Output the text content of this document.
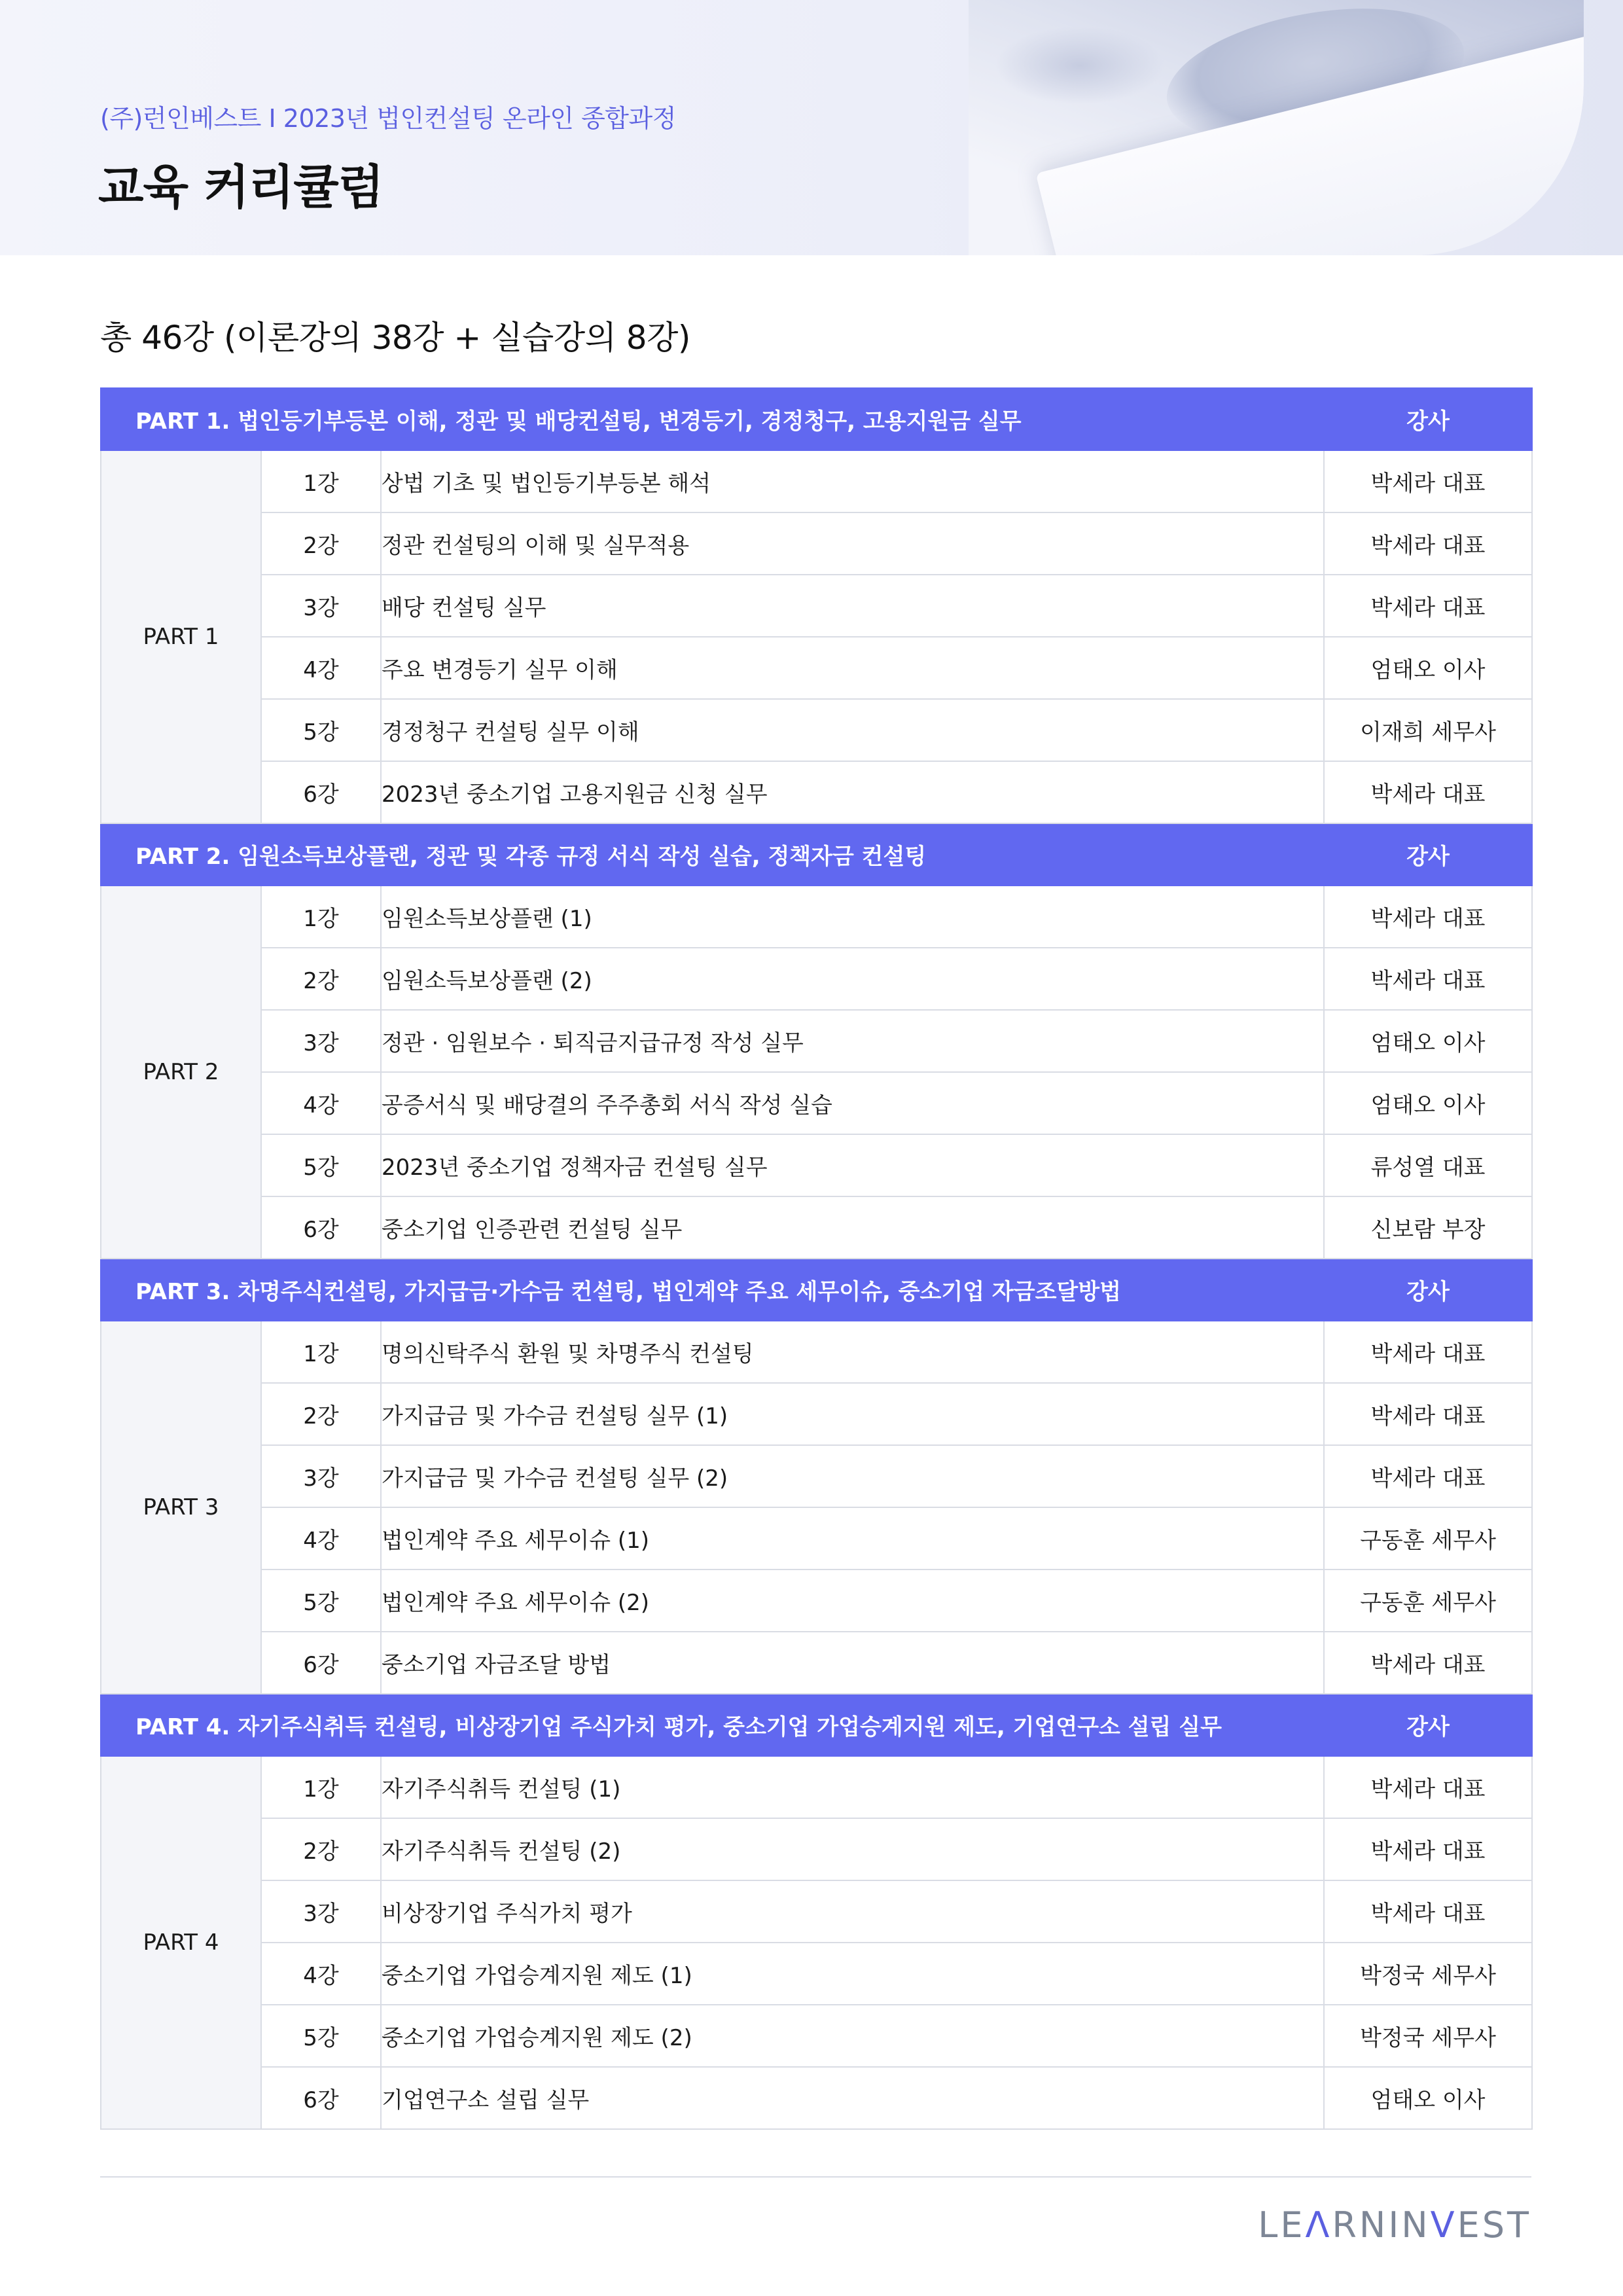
(주)런인베스트 I 2023년 법인컨설팅 온라인 종합과정
교육 커리큘럼
총 46강 (이론강의 38강 + 실습강의 8강)
PART 1. 법인등기부등본 이해, 정관 및 배당컨설팅, 변경등기, 경정청구, 고용지원금 실무			강사
PART 1	1강	상법 기초 및 법인등기부등본 해석	박세라 대표
	2강	정관 컨설팅의 이해 및 실무적용	박세라 대표
	3강	배당 컨설팅 실무	박세라 대표
	4강	주요 변경등기 실무 이해	엄태오 이사
	5강	경정청구 컨설팅 실무 이해	이재희 세무사
	6강	2023년 중소기업 고용지원금 신청 실무	박세라 대표
PART 2. 임원소득보상플랜, 정관 및 각종 규정 서식 작성 실습, 정책자금 컨설팅			강사
PART 2	1강	임원소득보상플랜 (1)	박세라 대표
	2강	임원소득보상플랜 (2)	박세라 대표
	3강	정관 · 임원보수 · 퇴직금지급규정 작성 실무	엄태오 이사
	4강	공증서식 및 배당결의 주주총회 서식 작성 실습	엄태오 이사
	5강	2023년 중소기업 정책자금 컨설팅 실무	류성열 대표
	6강	중소기업 인증관련 컨설팅 실무	신보람 부장
PART 3. 차명주식컨설팅, 가지급금·가수금 컨설팅, 법인계약 주요 세무이슈, 중소기업 자금조달방법			강사
PART 3	1강	명의신탁주식 환원 및 차명주식 컨설팅	박세라 대표
	2강	가지급금 및 가수금 컨설팅 실무 (1)	박세라 대표
	3강	가지급금 및 가수금 컨설팅 실무 (2)	박세라 대표
	4강	법인계약 주요 세무이슈 (1)	구동훈 세무사
	5강	법인계약 주요 세무이슈 (2)	구동훈 세무사
	6강	중소기업 자금조달 방법	박세라 대표
PART 4. 자기주식취득 컨설팅, 비상장기업 주식가치 평가, 중소기업 가업승계지원 제도, 기업연구소 설립 실무			강사
PART 4	1강	자기주식취득 컨설팅 (1)	박세라 대표
	2강	자기주식취득 컨설팅 (2)	박세라 대표
	3강	비상장기업 주식가치 평가	박세라 대표
	4강	중소기업 가업승계지원 제도 (1)	박정국 세무사
	5강	중소기업 가업승계지원 제도 (2)	박정국 세무사
	6강	기업연구소 설립 실무	엄태오 이사
LEΛRNINVEST
